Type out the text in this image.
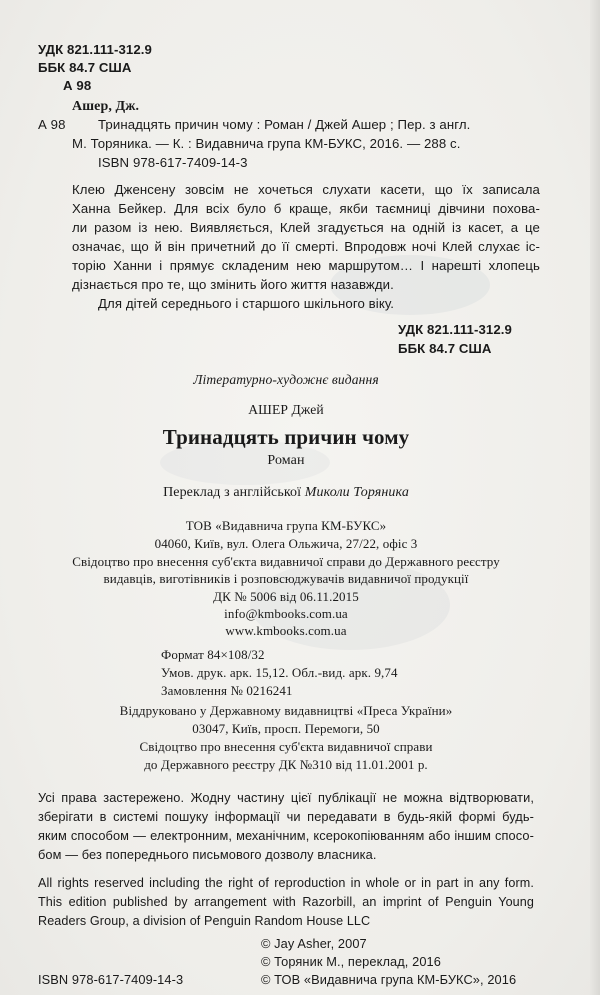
УДК 821.111-312.9
ББК 84.7 США
А 98
Ашер, Дж.
А 98 Тринадцять причин чому : Роман / Джей Ашер ; Пер. з англ.
М. Торяника. — К. : Видавнича група КМ-БУКС, 2016. — 288 с.
ISBN 978-617-7409-14-3
Клею Дженсену зовсім не хочеться слухати касети, що їх записала
Ханна Бейкер. Для всіх було б краще, якби таємниці дівчини похова-
ли разом із нею. Виявляється, Клей згадується на одній із касет, а це
означає, що й він причетний до її смерті. Впродовж ночі Клей слухає іс-
торію Ханни і прямує складеним нею маршрутом… І нарешті хлопець
дізнається про те, що змінить його життя назавжди.
Для дітей середнього і старшого шкільного віку.
УДК 821.111-312.9
ББК 84.7 США
Літературно-художнє видання
АШЕР Джей
Тринадцять причин чому
Роман
Переклад з англійської Миколи Торяника
ТОВ «Видавнича група КМ-БУКС»
04060, Київ, вул. Олега Ольжича, 27/22, офіс 3
Свідоцтво про внесення суб'єкта видавничої справи до Державного реєстру
видавців, виготівників і розповсюджувачів видавничої продукції
ДК № 5006 від 06.11.2015
info@kmbooks.com.ua
www.kmbooks.com.ua
Формат 84×108/32
Умов. друк. арк. 15,12. Обл.-вид. арк. 9,74
Замовлення № 0216241
Віддруковано у Державному видавництві «Преса України»
03047, Київ, просп. Перемоги, 50
Свідоцтво про внесення суб'єкта видавничої справи
до Державного реєстру ДК №310 від 11.01.2001 р.
Усі права застережено. Жодну частину цієї публікації не можна відтворювати,
зберігати в системі пошуку інформації чи передавати в будь-якій формі будь-
яким способом — електронним, механічним, ксерокопіюванням або іншим спосо-
бом — без попереднього письмового дозволу власника.
All rights reserved including the right of reproduction in whole or in part in any form.
This edition published by arrangement with Razorbill, an imprint of Penguin Young
Readers Group, a division of Penguin Random House LLC
© Jay Asher, 2007
© Торяник М., переклад, 2016
ISBN 978-617-7409-14-3	© ТОВ «Видавнича група КМ-БУКС», 2016
